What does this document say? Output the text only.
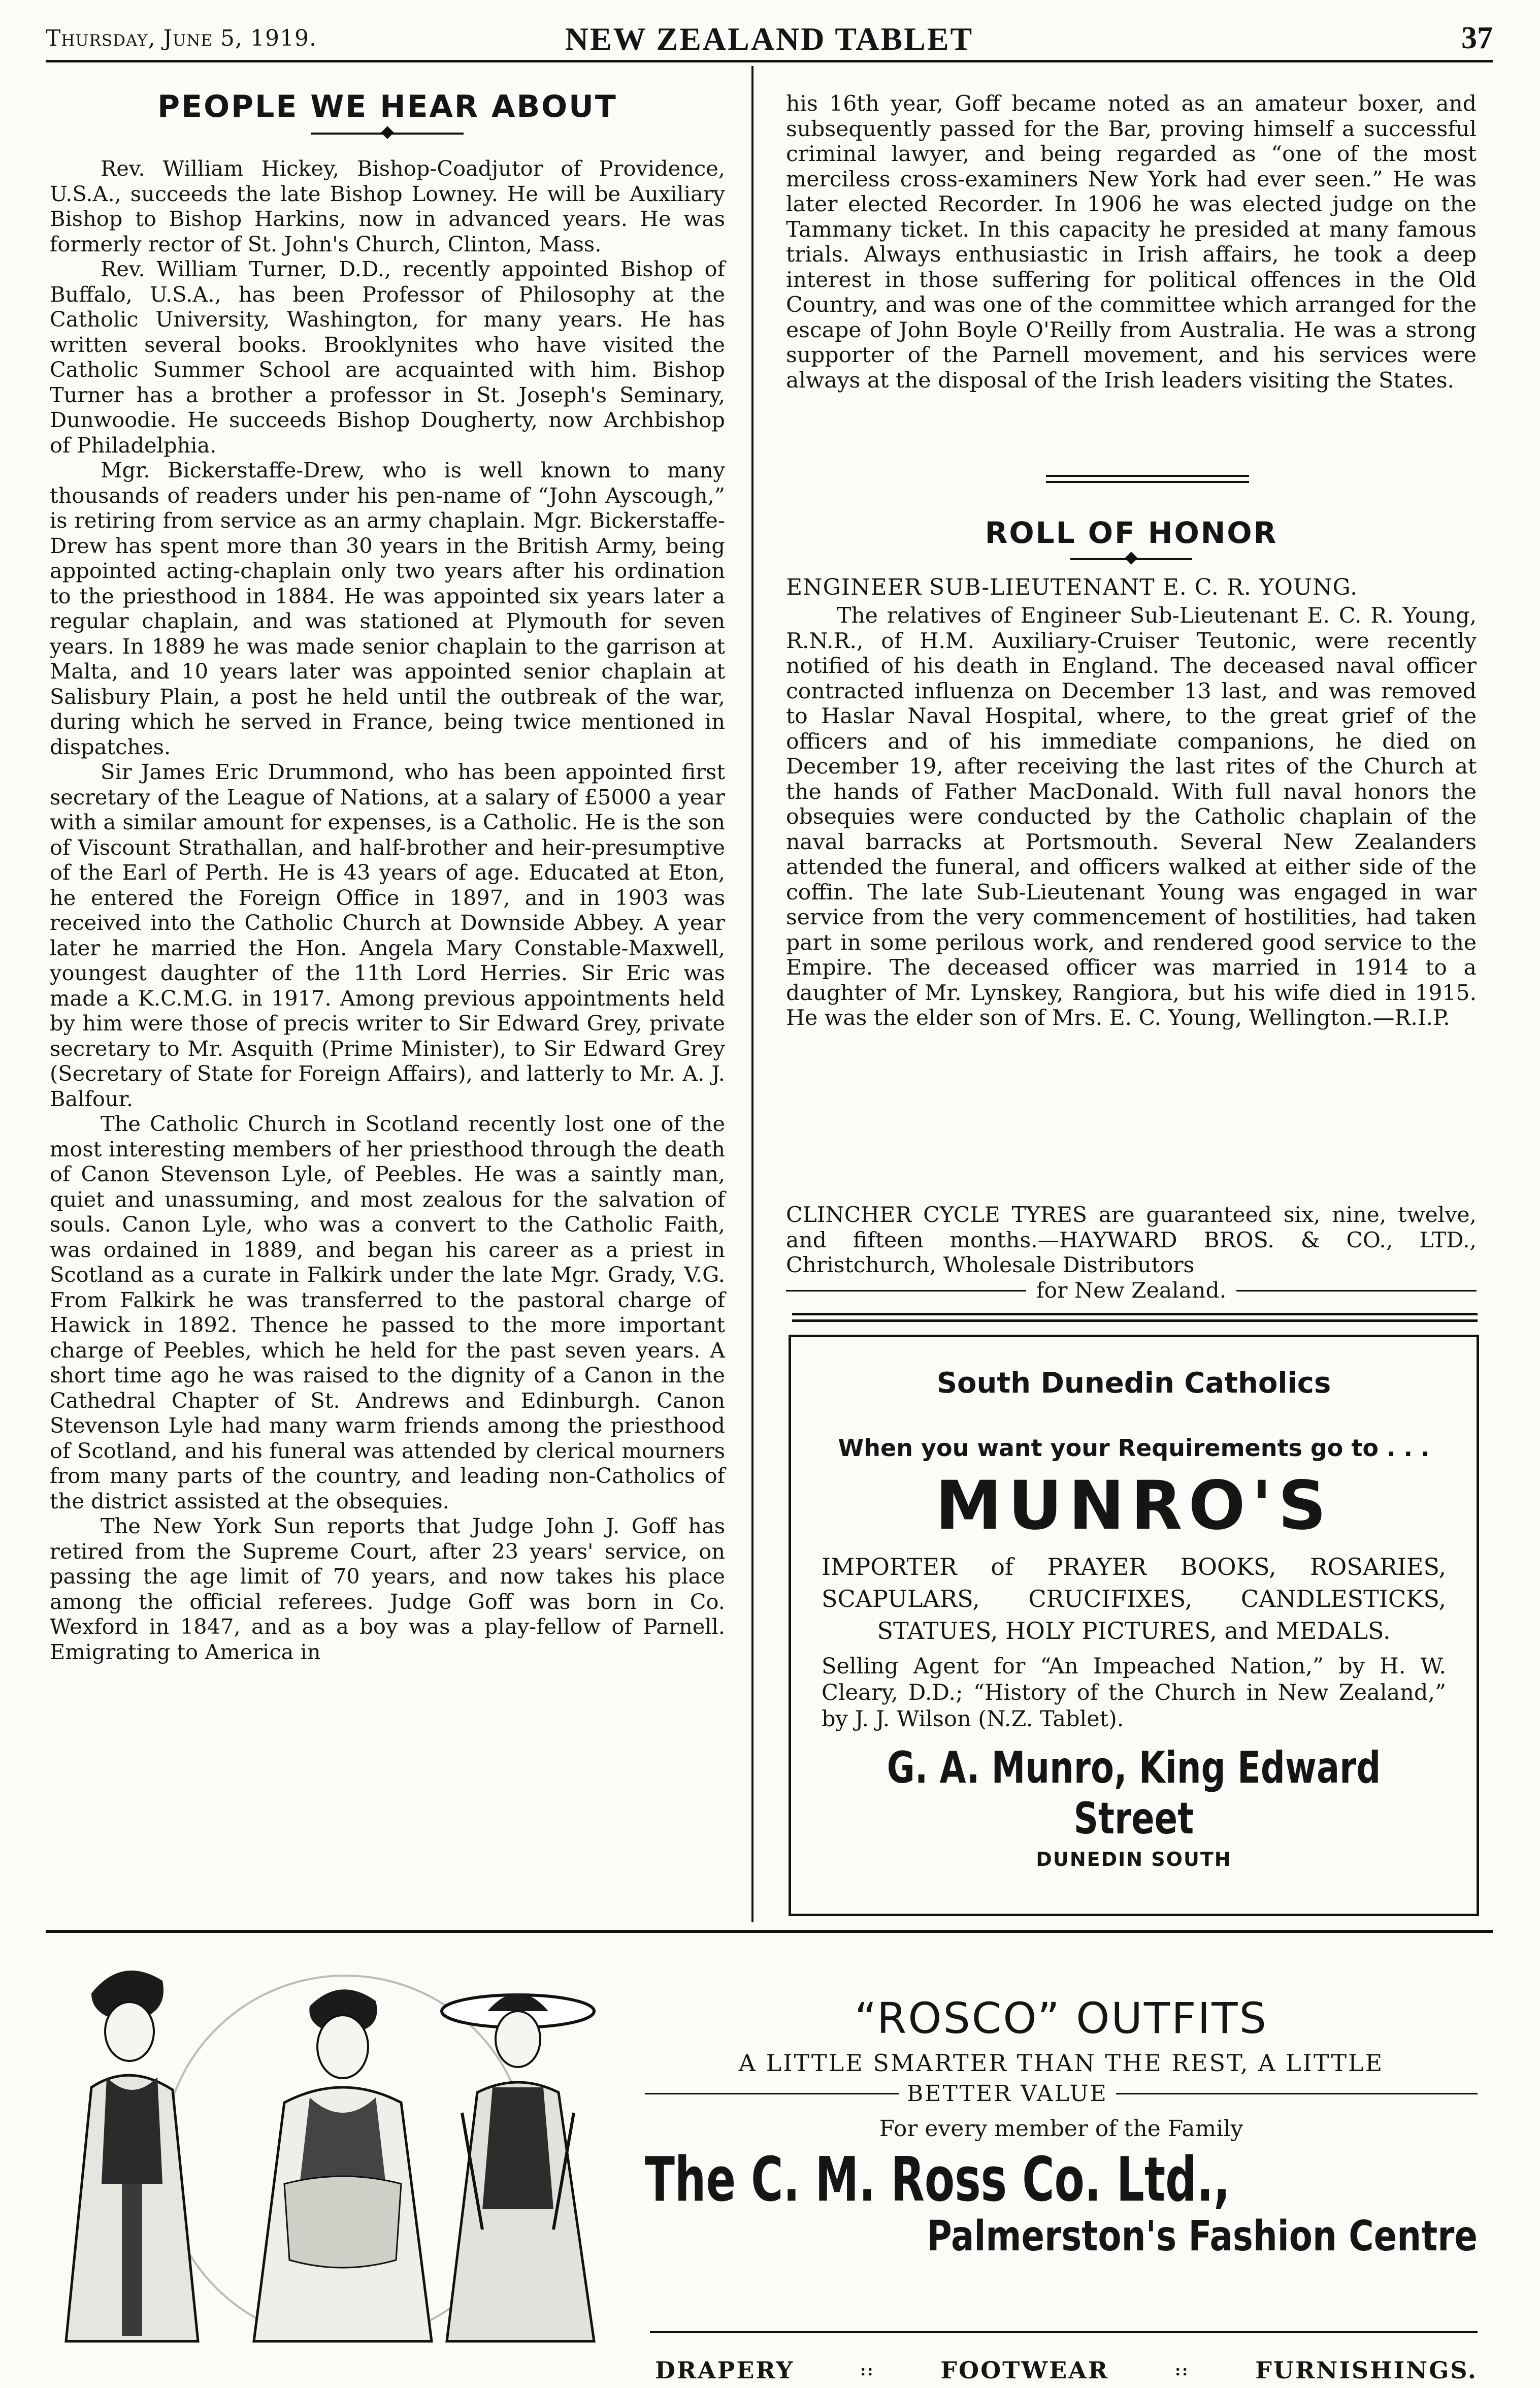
Thursday, June 5, 1919.	NEW ZEALAND TABLET	37
PEOPLE WE HEAR ABOUT

Rev. William Hickey, Bishop-Coadjutor of Providence, U.S.A., succeeds the late Bishop Lowney. He will be Auxiliary Bishop to Bishop Harkins, now in advanced years. He was formerly rector of St. John's Church, Clinton, Mass.

Rev. William Turner, D.D., recently appointed Bishop of Buffalo, U.S.A., has been Professor of Philosophy at the Catholic University, Washington, for many years. He has written several books. Brooklynites who have visited the Catholic Summer School are acquainted with him. Bishop Turner has a brother a professor in St. Joseph's Seminary, Dunwoodie. He succeeds Bishop Dougherty, now Archbishop of Philadelphia.

Mgr. Bickerstaffe-Drew, who is well known to many thousands of readers under his pen-name of “John Ayscough,” is retiring from service as an army chaplain. Mgr. Bickerstaffe-Drew has spent more than 30 years in the British Army, being appointed acting-chaplain only two years after his ordination to the priesthood in 1884. He was appointed six years later a regular chaplain, and was stationed at Plymouth for seven years. In 1889 he was made senior chaplain to the garrison at Malta, and 10 years later was appointed senior chaplain at Salisbury Plain, a post he held until the outbreak of the war, during which he served in France, being twice mentioned in dispatches.

Sir James Eric Drummond, who has been appointed first secretary of the League of Nations, at a salary of £5000 a year with a similar amount for expenses, is a Catholic. He is the son of Viscount Strathallan, and half-brother and heir-presumptive of the Earl of Perth. He is 43 years of age. Educated at Eton, he entered the Foreign Office in 1897, and in 1903 was received into the Catholic Church at Downside Abbey. A year later he married the Hon. Angela Mary Constable-Maxwell, youngest daughter of the 11th Lord Herries. Sir Eric was made a K.C.M.G. in 1917. Among previous appointments held by him were those of precis writer to Sir Edward Grey, private secretary to Mr. Asquith (Prime Minister), to Sir Edward Grey (Secretary of State for Foreign Affairs), and latterly to Mr. A. J. Balfour.

The Catholic Church in Scotland recently lost one of the most interesting members of her priesthood through the death of Canon Stevenson Lyle, of Peebles. He was a saintly man, quiet and unassuming, and most zealous for the salvation of souls. Canon Lyle, who was a convert to the Catholic Faith, was ordained in 1889, and began his career as a priest in Scotland as a curate in Falkirk under the late Mgr. Grady, V.G. From Falkirk he was transferred to the pastoral charge of Hawick in 1892. Thence he passed to the more important charge of Peebles, which he held for the past seven years. A short time ago he was raised to the dignity of a Canon in the Cathedral Chapter of St. Andrews and Edinburgh. Canon Stevenson Lyle had many warm friends among the priesthood of Scotland, and his funeral was attended by clerical mourners from many parts of the country, and leading non-Catholics of the district assisted at the obsequies.

The New York Sun reports that Judge John J. Goff has retired from the Supreme Court, after 23 years' service, on passing the age limit of 70 years, and now takes his place among the official referees. Judge Goff was born in Co. Wexford in 1847, and as a boy was a play-fellow of Parnell. Emigrating to America in

his 16th year, Goff became noted as an amateur boxer, and subsequently passed for the Bar, proving himself a successful criminal lawyer, and being regarded as “one of the most merciless cross-examiners New York had ever seen.” He was later elected Recorder. In 1906 he was elected judge on the Tammany ticket. In this capacity he presided at many famous trials. Always enthusiastic in Irish affairs, he took a deep interest in those suffering for political offences in the Old Country, and was one of the committee which arranged for the escape of John Boyle O'Reilly from Australia. He was a strong supporter of the Parnell movement, and his services were always at the disposal of the Irish leaders visiting the States.

ROLL OF HONOR
ENGINEER SUB-LIEUTENANT E. C. R. YOUNG.

The relatives of Engineer Sub-Lieutenant E. C. R. Young, R.N.R., of H.M. Auxiliary-Cruiser Teutonic, were recently notified of his death in England. The deceased naval officer contracted influenza on December 13 last, and was removed to Haslar Naval Hospital, where, to the great grief of the officers and of his immediate companions, he died on December 19, after receiving the last rites of the Church at the hands of Father MacDonald. With full naval honors the obsequies were conducted by the Catholic chaplain of the naval barracks at Portsmouth. Several New Zealanders attended the funeral, and officers walked at either side of the coffin. The late Sub-Lieutenant Young was engaged in war service from the very commencement of hostilities, had taken part in some perilous work, and rendered good service to the Empire. The deceased officer was married in 1914 to a daughter of Mr. Lynskey, Rangiora, but his wife died in 1915. He was the elder son of Mrs. E. C. Young, Wellington.—R.I.P.

CLINCHER CYCLE TYRES are guaranteed six, nine, twelve, and fifteen months.—HAYWARD BROS. & CO., LTD., Christchurch, Wholesale Distributors

for New Zealand.
South Dunedin Catholics
When you want your Requirements go to . . .
MUNRO'S
IMPORTER of PRAYER BOOKS, ROSARIES, SCAPULARS, CRUCIFIXES, CANDLESTICKS, STATUES, HOLY PICTURES, and MEDALS.
Selling Agent for “An Impeached Nation,” by H. W. Cleary, D.D.; “History of the Church in New Zealand,” by J. J. Wilson (N.Z. Tablet).
G. A. Munro, King Edward Street
DUNEDIN SOUTH
“ROSCO” OUTFITS
A LITTLE SMARTER THAN THE REST, A LITTLE
BETTER VALUE
For every member of the Family
The C. M. Ross Co. Ltd.,
Palmerston's Fashion Centre
DRAPERY	::	FOOTWEAR	::	FURNISHINGS.
